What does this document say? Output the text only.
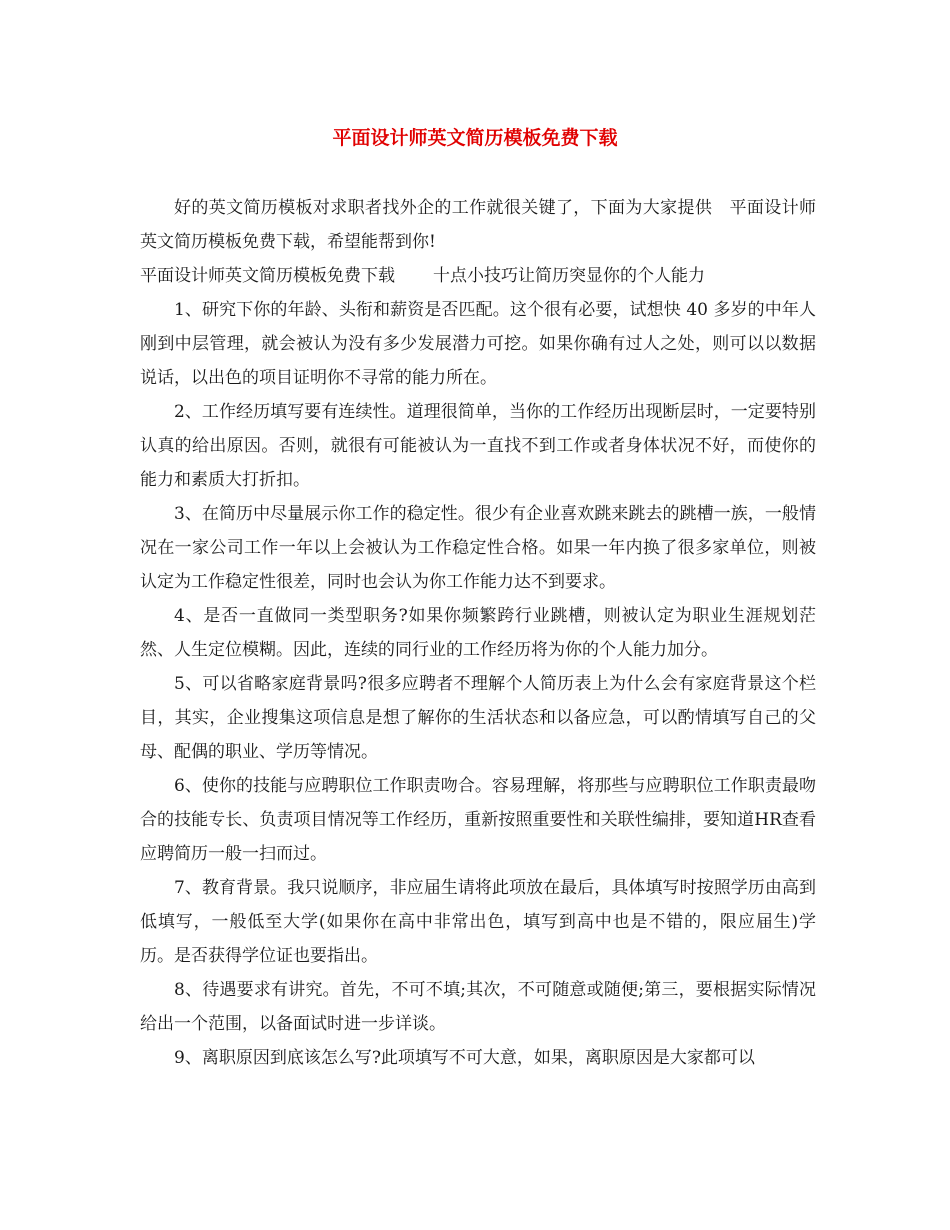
平面设计师英文简历模板免费下载

好的英文简历模板对求职者找外企的工作就很关键了，下面为大家提供　平面设计师英文简历模板免费下载，希望能帮到你!

平面设计师英文简历模板免费下载 十点小技巧让简历突显你的个人能力

1、研究下你的年龄、头衔和薪资是否匹配。这个很有必要，试想快 40 多岁的中年人刚到中层管理，就会被认为没有多少发展潜力可挖。如果你确有过人之处，则可以以数据说话，以出色的项目证明你不寻常的能力所在。

2、工作经历填写要有连续性。道理很简单，当你的工作经历出现断层时，一定要特别认真的给出原因。否则，就很有可能被认为一直找不到工作或者身体状况不好，而使你的能力和素质大打折扣。

3、在简历中尽量展示你工作的稳定性。很少有企业喜欢跳来跳去的跳槽一族，一般情况在一家公司工作一年以上会被认为工作稳定性合格。如果一年内换了很多家单位，则被认定为工作稳定性很差，同时也会认为你工作能力达不到要求。

4、是否一直做同一类型职务?如果你频繁跨行业跳槽，则被认定为职业生涯规划茫然、人生定位模糊。因此，连续的同行业的工作经历将为你的个人能力加分。

5、可以省略家庭背景吗?很多应聘者不理解个人简历表上为什么会有家庭背景这个栏目，其实，企业搜集这项信息是想了解你的生活状态和以备应急，可以酌情填写自己的父母、配偶的职业、学历等情况。

6、使你的技能与应聘职位工作职责吻合。容易理解，将那些与应聘职位工作职责最吻合的技能专长、负责项目情况等工作经历，重新按照重要性和关联性编排，要知道HR查看应聘简历一般一扫而过。

7、教育背景。我只说顺序，非应届生请将此项放在最后，具体填写时按照学历由高到低填写，一般低至大学(如果你在高中非常出色，填写到高中也是不错的，限应届生)学历。是否获得学位证也要指出。

8、待遇要求有讲究。首先，不可不填;其次，不可随意或随便;第三，要根据实际情况给出一个范围，以备面试时进一步详谈。

9、离职原因到底该怎么写?此项填写不可大意，如果，离职原因是大家都可以
